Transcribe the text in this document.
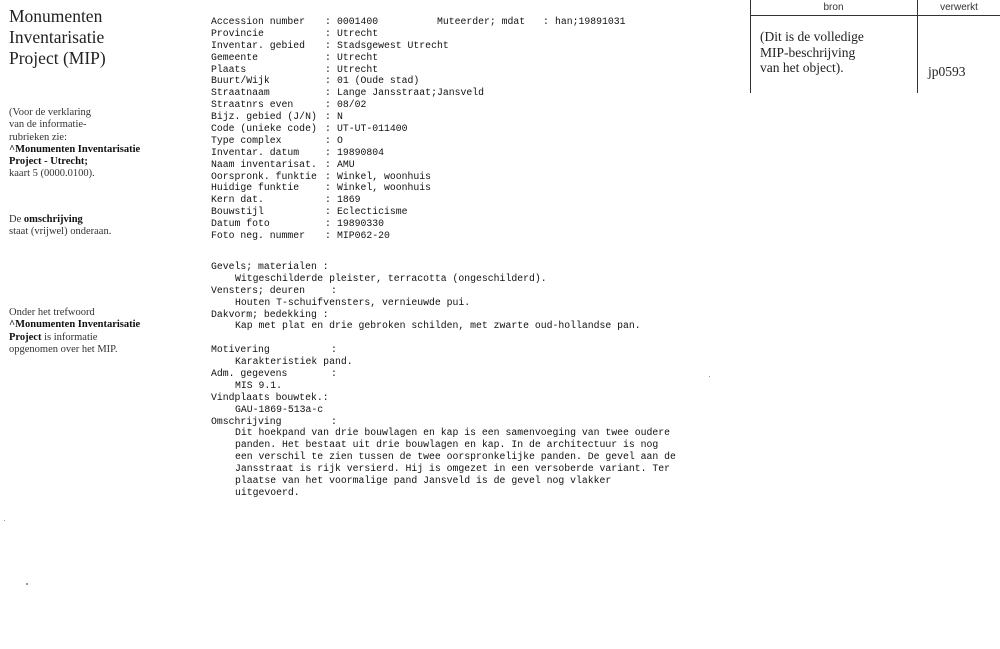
Monumenten
Inventarisatie
Project (MIP)
(Voor de verklaring
van de informatie-
rubrieken zie:
^Monumenten Inventarisatie
Project - Utrecht;
kaart 5 (0000.0100).
De omschrijving
staat (vrijwel) onderaan.
Onder het trefwoord
^Monumenten Inventarisatie
Project is informatie
opgenomen over het MIP.
Accession number : 0001400	Muteerder; mdat : han;19891031
Provincie	: Utrecht
Inventar. gebied : Stadsgewest Utrecht
Gemeente	: Utrecht
Plaats	: Utrecht
Buurt/Wijk	: 01 (Oude stad)
Straatnaam	: Lange Jansstraat;Jansveld
Straatnrs even	: 08/02
Bijz. gebied (J/N) : N
Code (unieke code) : UT-UT-011400
Type complex	: O
Inventar. datum	: 19890804
Naam inventarisat. : AMU
Oorspronk. funktie : Winkel, woonhuis
Huidige funktie	: Winkel, woonhuis
Kern dat.	: 1869
Bouwstijl	: Eclecticisme
Datum foto	: 19890330
Foto neg. nummer : MIP062-20
Gevels; materialen :
Witgeschilderde pleister, terracotta (ongeschilderd).
Vensters; deuren	:
Houten T-schuifvensters, vernieuwde pui.
Dakvorm; bedekking :
Kap met plat en drie gebroken schilden, met zwarte oud-hollandse pan.
Motivering	:
Karakteristiek pand.
Adm. gegevens	:
MIS 9.1.
Vindplaats bouwtek.:
GAU-1869-513a-c
Omschrijving	:
Dit hoekpand van drie bouwlagen en kap is een samenvoeging van twee oudere
panden. Het bestaat uit drie bouwlagen en kap. In de architectuur is nog
een verschil te zien tussen de twee oorspronkelijke panden. De gevel aan de
Jansstraat is rijk versierd. Hij is omgezet in een versoberde variant. Ter
plaatse van het voormalige pand Jansveld is de gevel nog vlakker
uitgevoerd.
bron	verwerkt
(Dit is de volledige
MIP-beschrijving
van het object).	jp0593
